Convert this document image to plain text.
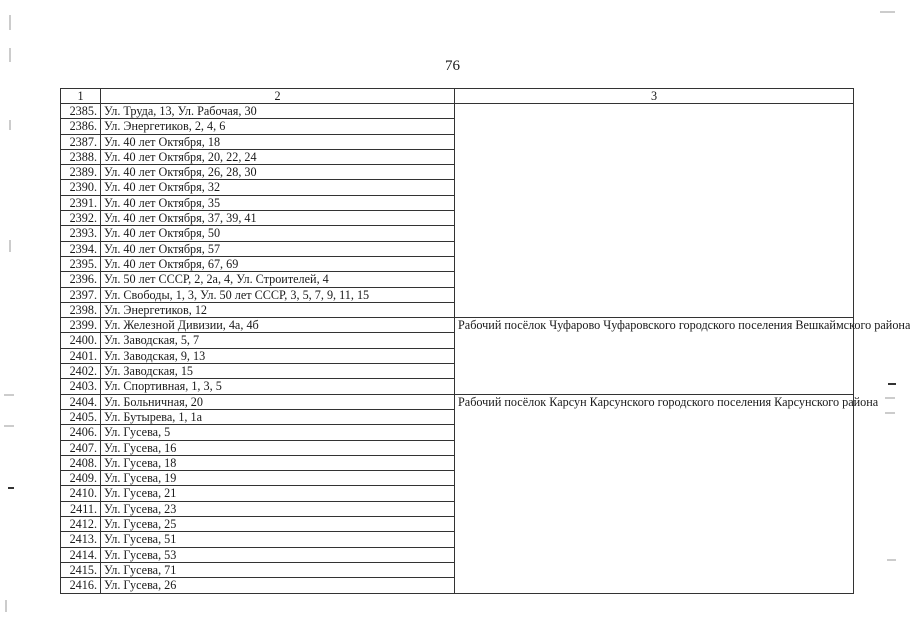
76
1	2	3
2385.	Ул. Труда, 13, Ул. Рабочая, 30	
2386.	Ул. Энергетиков, 2, 4, 6	
2387.	Ул. 40 лет Октября, 18	
2388.	Ул. 40 лет Октября, 20, 22, 24	
2389.	Ул. 40 лет Октября, 26, 28, 30	
2390.	Ул. 40 лет Октября, 32	
2391.	Ул. 40 лет Октября, 35	
2392.	Ул. 40 лет Октября, 37, 39, 41	
2393.	Ул. 40 лет Октября, 50	
2394.	Ул. 40 лет Октября, 57	
2395.	Ул. 40 лет Октября, 67, 69	
2396.	Ул. 50 лет СССР, 2, 2а, 4, Ул. Строителей, 4	
2397.	Ул. Свободы, 1, 3, Ул. 50 лет СССР, 3, 5, 7, 9, 11, 15	
2398.	Ул. Энергетиков, 12	
2399.	Ул. Железной Дивизии, 4а, 4б	Рабочий посёлок Чуфарово Чуфаровского городского поселения Вешкаймского района
2400.	Ул. Заводская, 5, 7	
2401.	Ул. Заводская, 9, 13	
2402.	Ул. Заводская, 15	
2403.	Ул. Спортивная, 1, 3, 5	
2404.	Ул. Больничная, 20	Рабочий посёлок Карсун Карсунского городского поселения Карсунского района
2405.	Ул. Бутырева, 1, 1а	
2406.	Ул. Гусева, 5	
2407.	Ул. Гусева, 16	
2408.	Ул. Гусева, 18	
2409.	Ул. Гусева, 19	
2410.	Ул. Гусева, 21	
2411.	Ул. Гусева, 23	
2412.	Ул. Гусева, 25	
2413.	Ул. Гусева, 51	
2414.	Ул. Гусева, 53	
2415.	Ул. Гусева, 71	
2416.	Ул. Гусева, 26	
